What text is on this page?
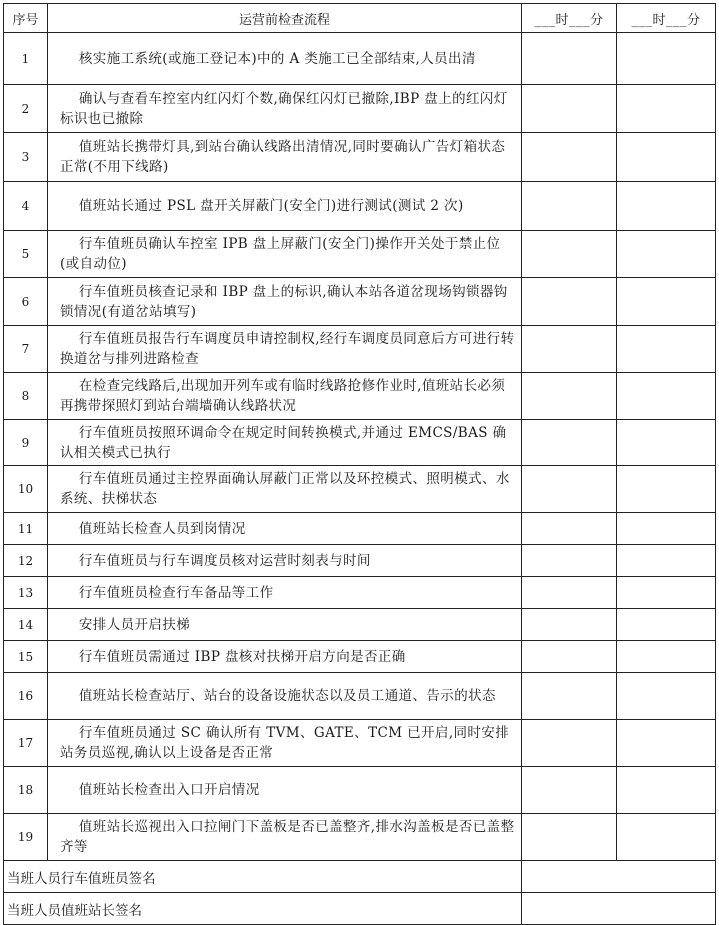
序号	运营前检查流程	___时___分	___时___分
1	核实施工系统(或施工登记本)中的 A 类施工已全部结束,人员出清		
2	确认与查看车控室内红闪灯个数,确保红闪灯已撤除,IBP 盘上的红闪灯标识也已撤除		
3	值班站长携带灯具,到站台确认线路出清情况,同时要确认广告灯箱状态正常(不用下线路)		
4	值班站长通过 PSL 盘开关屏蔽门(安全门)进行测试(测试 2 次)		
5	行车值班员确认车控室 IPB 盘上屏蔽门(安全门)操作开关处于禁止位(或自动位)		
6	行车值班员核查记录和 IBP 盘上的标识,确认本站各道岔现场钩锁器钩锁情况(有道岔站填写)		
7	行车值班员报告行车调度员申请控制权,经行车调度员同意后方可进行转换道岔与排列进路检查		
8	在检查完线路后,出现加开列车或有临时线路抢修作业时,值班站长必须再携带探照灯到站台端墙确认线路状况		
9	行车值班员按照环调命令在规定时间转换模式,并通过 EMCS/BAS 确认相关模式已执行		
10	行车值班员通过主控界面确认屏蔽门正常以及环控模式、照明模式、水系统、扶梯状态		
11	值班站长检查人员到岗情况		
12	行车值班员与行车调度员核对运营时刻表与时间		
13	行车值班员检查行车备品等工作		
14	安排人员开启扶梯		
15	行车值班员需通过 IBP 盘核对扶梯开启方向是否正确		
16	值班站长检查站厅、站台的设备设施状态以及员工通道、告示的状态		
17	行车值班员通过 SC 确认所有 TVM、GATE、TCM 已开启,同时安排站务员巡视,确认以上设备是否正常		
18	值班站长检查出入口开启情况		
19	值班站长巡视出入口拉闸门下盖板是否已盖整齐,排水沟盖板是否已盖整齐等		
当班人员行车值班员签名			
当班人员值班站长签名			
